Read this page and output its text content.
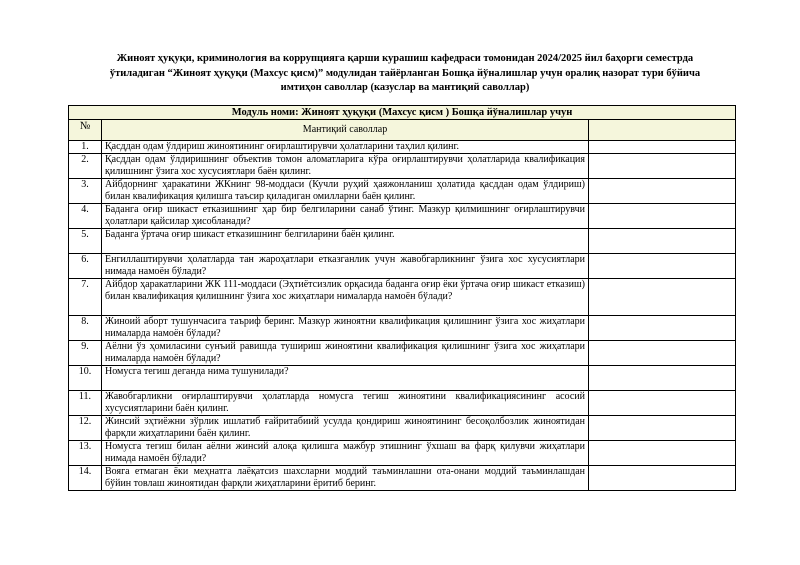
Жиноят ҳуқуқи, криминология ва коррупцияга қарши курашиш кафедраси томонидан 2024/2025 йил баҳорги семестрда
ўтиладиган “Жиноят ҳуқуқи (Махсус қисм)” модулидан тайёрланган Бошқа йўналишлар учун оралиқ назорат тури бўйича
имтиҳон саволлар (казуслар ва мантиқий саволлар)
Модуль номи: Жиноят ҳуқуқи (Махсус қисм ) Бошқа йўналишлар учун		
№	Мантиқий саволлар	
1.	Қасддан одам ўлдириш жиноятининг оғирлаштирувчи ҳолатларини таҳлил қилинг.	
2.	Қасддан одам ўлдиришнинг объектив томон аломатларига кўра оғирлаштирувчи ҳолатларида квалификация қилишнинг ўзига хос хусусиятлари баён қилинг.	
3.	Айбдорнинг ҳаракатини ЖКнинг 98-моддаси (Кучли руҳий ҳаяжонланиш ҳолатида қасддан одам ўлдириш) билан квалификация қилишга таъсир қиладиган омилларни баён қилинг.	
4.	Баданга оғир шикаст етказишнинг ҳар бир белгиларини санаб ўтинг. Мазкур қилмишнинг оғирлаштирувчи ҳолатлари қайсилар ҳисобланади?	
5.	Баданга ўртача оғир шикаст етказишнинг белгиларини баён қилинг.	
6.	Енгиллаштирувчи ҳолатларда тан жароҳатлари етказганлик учун жавобгарликнинг ўзига хос хусусиятлари нимада намоён бўлади?	
7.	Айбдор ҳаракатларини ЖК 111-моддаси (Эҳтиётсизлик орқасида баданга оғир ёки ўртача оғир шикаст етказиш) билан квалификация қилишнинг ўзига хос жиҳатлари нималарда намоён бўлади?	
8.	Жиноий аборт тушунчасига таъриф беринг. Мазкур жиноятни квалификация қилишнинг ўзига хос жиҳатлари нималарда намоён бўлади?	
9.	Аёлни ўз ҳомиласини сунъий равишда тушириш жиноятини квалификация қилишнинг ўзига хос жиҳатлари нималарда намоён бўлади?	
10.	Номусга тегиш деганда нима тушунилади?	
11.	Жавобгарликни оғирлаштирувчи ҳолатларда номусга тегиш жиноятини квалификациясининг асосий хусусиятларини баён қилинг.	
12.	Жинсий эҳтиёжни зўрлик ишлатиб ғайритабиий усулда қондириш жиноятининг бесоқолбозлик жиноятидан фарқли жиҳатларини баён қилинг.	
13.	Номусга тегиш билан аёлни жинсий алоқа қилишга мажбур этишнинг ўхшаш ва фарқ қилувчи жиҳатлари нимада намоён бўлади?	
14.	Вояга етмаган ёки меҳнатга лаёқатсиз шахсларни моддий таъминлашни ота-онани моддий таъминлашдан бўйин товлаш жиноятидан фарқли жиҳатларини ёритиб беринг.	
